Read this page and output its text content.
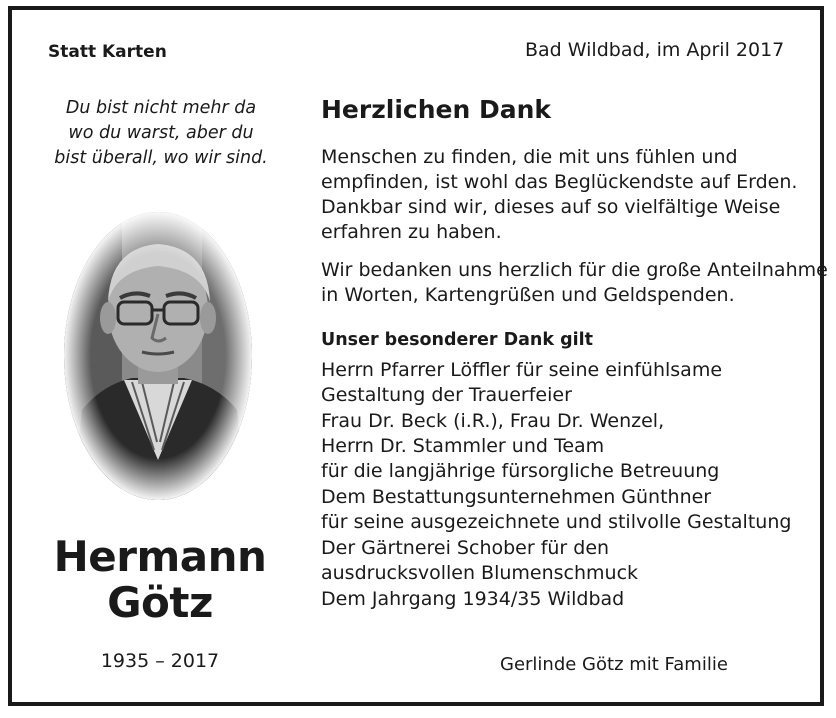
Statt Karten	Bad Wildbad, im April 2017
Du bist nicht mehr da
wo du warst, aber du
bist überall, wo wir sind.
Hermann
Götz
1935 – 2017
Herzlichen Dank
Menschen zu finden, die mit uns fühlen und
empfinden, ist wohl das Beglückendste auf Erden.
Dankbar sind wir, dieses auf so vielfältige Weise
erfahren zu haben.
Wir bedanken uns herzlich für die große Anteilnahme
in Worten, Kartengrüßen und Geldspenden.
Unser besonderer Dank gilt
Herrn Pfarrer Löffler für seine einfühlsame
Gestaltung der Trauerfeier
Frau Dr. Beck (i.R.), Frau Dr. Wenzel,
Herrn Dr. Stammler und Team
für die langjährige fürsorgliche Betreuung
Dem Bestattungsunternehmen Günthner
für seine ausgezeichnete und stilvolle Gestaltung
Der Gärtnerei Schober für den
ausdrucksvollen Blumenschmuck
Dem Jahrgang 1934/35 Wildbad
Gerlinde Götz mit Familie
